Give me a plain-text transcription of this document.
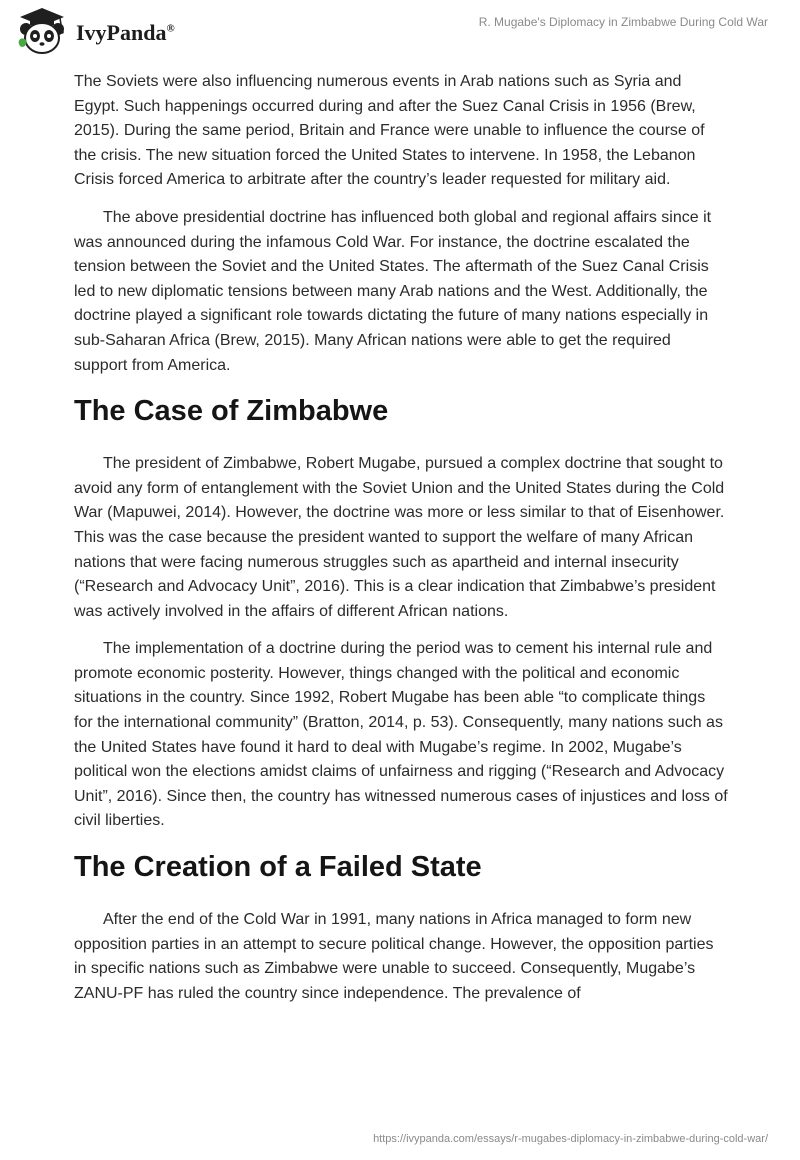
IvyPanda®	R. Mugabe's Diplomacy in Zimbabwe During Cold War

The Soviets were also influencing numerous events in Arab nations such as Syria and Egypt. Such happenings occurred during and after the Suez Canal Crisis in 1956 (Brew, 2015). During the same period, Britain and France were unable to influence the course of the crisis. The new situation forced the United States to intervene. In 1958, the Lebanon Crisis forced America to arbitrate after the country’s leader requested for military aid.

The above presidential doctrine has influenced both global and regional affairs since it was announced during the infamous Cold War. For instance, the doctrine escalated the tension between the Soviet and the United States. The aftermath of the Suez Canal Crisis led to new diplomatic tensions between many Arab nations and the West. Additionally, the doctrine played a significant role towards dictating the future of many nations especially in sub-Saharan Africa (Brew, 2015). Many African nations were able to get the required support from America.

The Case of Zimbabwe

The president of Zimbabwe, Robert Mugabe, pursued a complex doctrine that sought to avoid any form of entanglement with the Soviet Union and the United States during the Cold War (Mapuwei, 2014). However, the doctrine was more or less similar to that of Eisenhower. This was the case because the president wanted to support the welfare of many African nations that were facing numerous struggles such as apartheid and internal insecurity (“Research and Advocacy Unit”, 2016). This is a clear indication that Zimbabwe’s president was actively involved in the affairs of different African nations.

The implementation of a doctrine during the period was to cement his internal rule and promote economic posterity. However, things changed with the political and economic situations in the country. Since 1992, Robert Mugabe has been able “to complicate things for the international community” (Bratton, 2014, p. 53). Consequently, many nations such as the United States have found it hard to deal with Mugabe’s regime. In 2002, Mugabe’s political won the elections amidst claims of unfairness and rigging (“Research and Advocacy Unit”, 2016). Since then, the country has witnessed numerous cases of injustices and loss of civil liberties.

The Creation of a Failed State

After the end of the Cold War in 1991, many nations in Africa managed to form new opposition parties in an attempt to secure political change. However, the opposition parties in specific nations such as Zimbabwe were unable to succeed. Consequently, Mugabe’s ZANU-PF has ruled the country since independence. The prevalence of

https://ivypanda.com/essays/r-mugabes-diplomacy-in-zimbabwe-during-cold-war/
